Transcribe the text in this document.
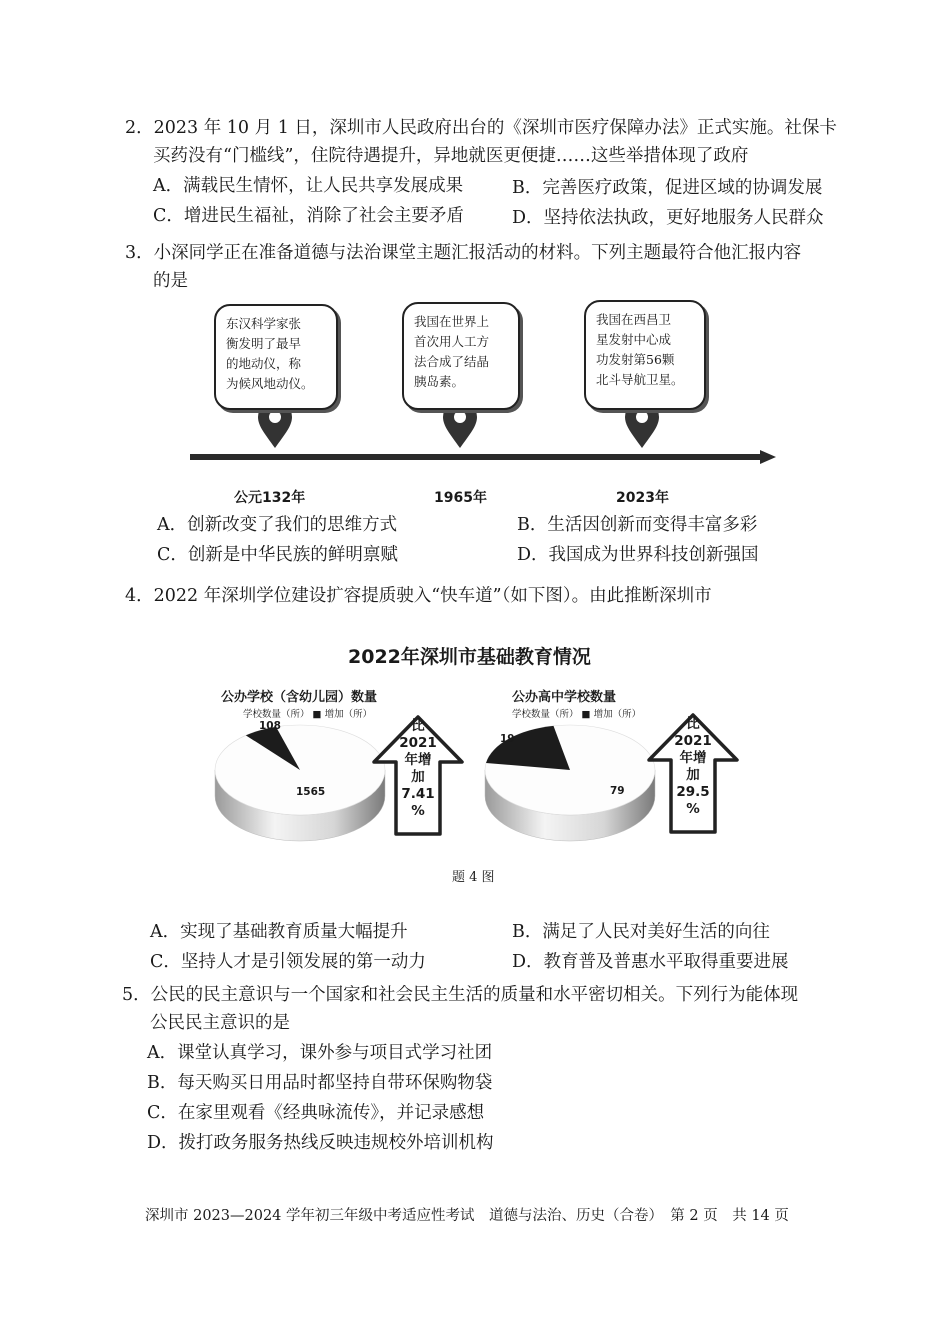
2．2023 年 10 月 1 日，深圳市人民政府出台的《深圳市医疗保障办法》正式实施。社保卡
买药没有“门槛线”，住院待遇提升，异地就医更便捷……这些举措体现了政府
A．满载民生情怀，让人民共享发展成果	B．完善医疗政策，促进区域的协调发展
C．增进民生福祉，消除了社会主要矛盾	D．坚持依法执政，更好地服务人民群众
3．小深同学正在准备道德与法治课堂主题汇报活动的材料。下列主题最符合他汇报内容
的是
东汉科学家张
衡发明了最早
的地动仪，称
为候风地动仪。
我国在世界上
首次用人工方
法合成了结晶
胰岛素。
我国在西昌卫
星发射中心成
功发射第56颗
北斗导航卫星。
公元132年	1965年	2023年
A．创新改变了我们的思维方式	B．生活因创新而变得丰富多彩
C．创新是中华民族的鲜明禀赋	D．我国成为世界科技创新强国
4．2022 年深圳学位建设扩容提质驶入“快车道”（如下图）。由此推断深圳市
2022年深圳市基础教育情况
公办学校（含幼儿园）数量
学校数量（所） ■ 增加（所）
公办高中学校数量
学校数量（所） ■ 增加（所）
108
1565
19
79
比
2021
年增
加
7.41
%
比
2021
年增
加
29.5
%
题 4 图
A．实现了基础教育质量大幅提升	B．满足了人民对美好生活的向往
C．坚持人才是引领发展的第一动力	D．教育普及普惠水平取得重要进展
5．公民的民主意识与一个国家和社会民主生活的质量和水平密切相关。下列行为能体现
公民民主意识的是
A．课堂认真学习，课外参与项目式学习社团
B．每天购买日用品时都坚持自带环保购物袋
C．在家里观看《经典咏流传》，并记录感想
D．拨打政务服务热线反映违规校外培训机构
深圳市 2023—2024 学年初三年级中考适应性考试　道德与法治、历史（合卷）　第 2 页　共 14 页
